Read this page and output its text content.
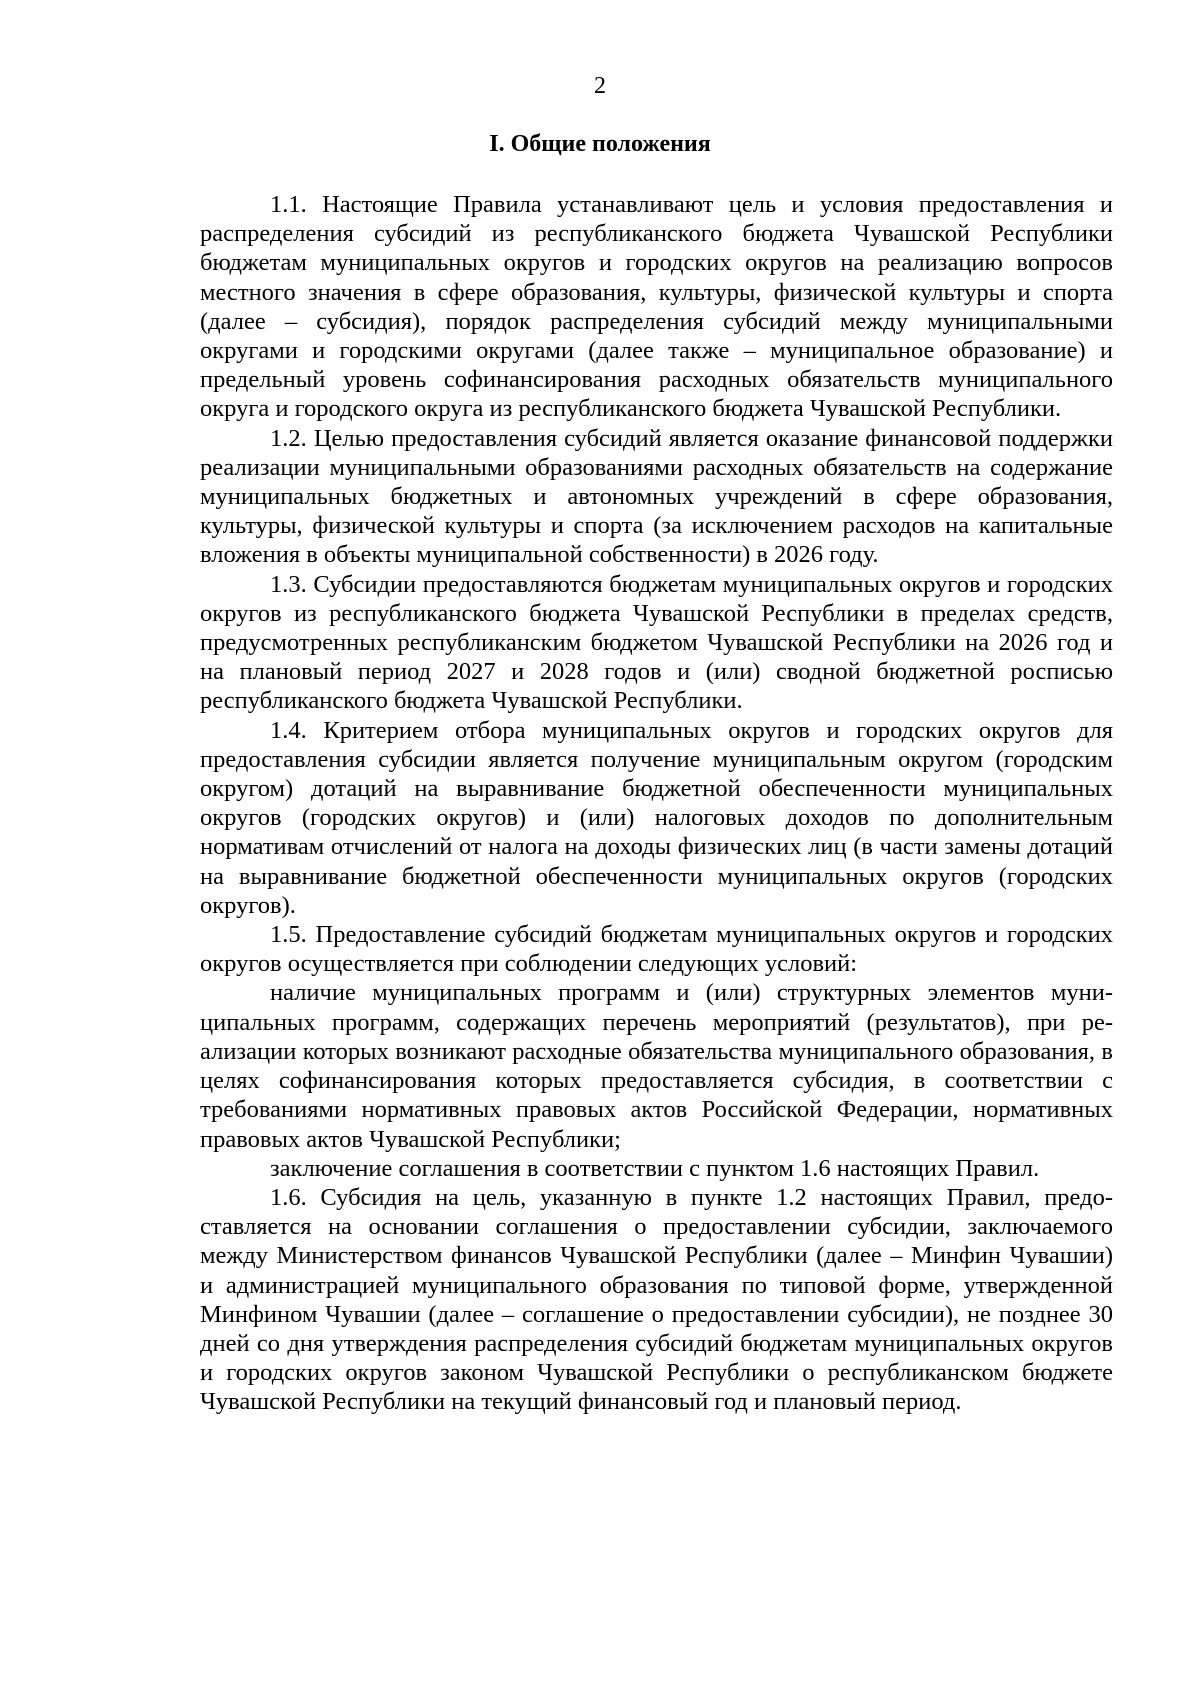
2
I. Общие положения

1.1. Настоящие Правила устанавливают цель и условия предоставления и распределения субсидий из республиканского бюджета Чувашской Республики бюджетам муниципальных округов и городских округов на реализацию вопросов местного значения в сфере образования, культуры, физической культуры и спорта (далее – субсидия), порядок распределения субсидий между муниципальными округами и городскими округами (далее также – муниципальное образование) и предельный уровень софинансирования расходных обязательств муниципального округа и городского округа из республиканского бюджета Чувашской Республики.

1.2. Целью предоставления субсидий является оказание финансовой поддержки реализации муниципальными образованиями расходных обязательств на содержание муниципальных бюджетных и автономных учреждений в сфере образования, культуры, физической культуры и спорта (за исключением расходов на капитальные вложения в объекты муниципальной собственности) в 2026 году.

1.3. Субсидии предоставляются бюджетам муниципальных округов и городских округов из республиканского бюджета Чувашской Республики в пределах средств, предусмотренных республиканским бюджетом Чувашской Республики на 2026 год и на плановый период 2027 и 2028 годов и (или) сводной бюджетной росписью республиканского бюджета Чувашской Республики.

1.4. Критерием отбора муниципальных округов и городских округов для предоставления субсидии является получение муниципальным округом (городским округом) дотаций на выравнивание бюджетной обеспеченности муниципальных округов (городских округов) и (или) налоговых доходов по дополнительным нормативам отчислений от налога на доходы физических лиц (в части замены дотаций на выравнивание бюджетной обеспеченности муниципальных округов (городских округов).

1.5. Предоставление субсидий бюджетам муниципальных округов и городских округов осуществляется при соблюдении следующих условий:

наличие муниципальных программ и (или) структурных элементов муниципальных программ, содержащих перечень мероприятий (результатов), при реализации которых возникают расходные обязательства муниципального образования, в целях софинансирования которых предоставляется субсидия, в соответствии с требованиями нормативных правовых актов Российской Федерации, нормативных правовых актов Чувашской Республики;

заключение соглашения в соответствии с пунктом 1.6 настоящих Правил.

1.6. Субсидия на цель, указанную в пункте 1.2 настоящих Правил, предоставляется на основании соглашения о предоставлении субсидии, заключаемого между Министерством финансов Чувашской Республики (далее – Минфин Чувашии) и администрацией муниципального образования по типовой форме, утвержденной Минфином Чувашии (далее – соглашение о предоставлении субсидии), не позднее 30 дней со дня утверждения распределения субсидий бюджетам муниципальных округов и городских округов законом Чувашской Республики о республиканском бюджете Чувашской Республики на текущий финансовый год и плановый период.
